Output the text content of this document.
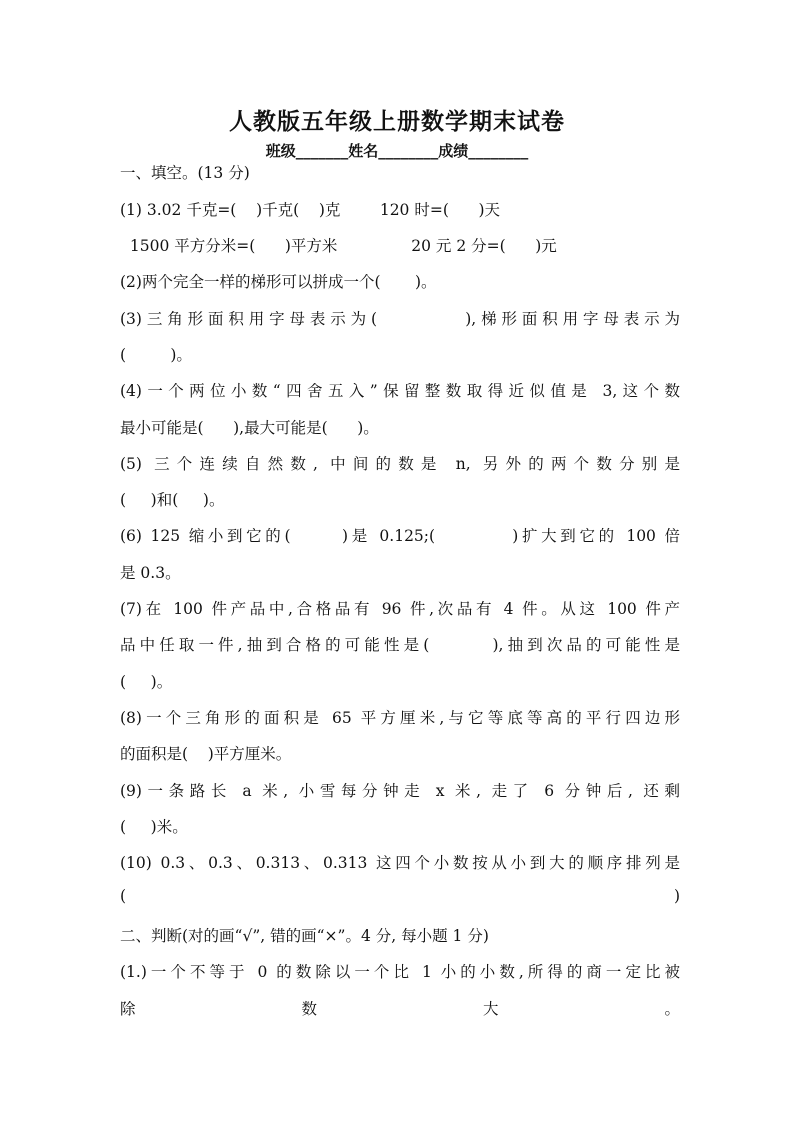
人教版五年级上册数学期末试卷
班级_______姓名________成绩________
一、填空。(13 分)
(1) 3.02 千克=(    )千克(    )克        120 时=(      )天
1500 平方分米=(      )平方米               20 元 2 分=(      )元
(2)两个完全一样的梯形可以拼成一个(       )。
(3)三角形面积用字母表示为(         ),梯形面积用字母表示为
(         )。
(4)一个两位小数“四舍五入”保留整数取得近似值是 3,这个数
最小可能是(      ),最大可能是(      )。
(5) 三个连续自然数, 中间的数是 n, 另外的两个数分别是
(     )和(     )。
(6) 125 缩小到它的(      )是 0.125;(         )扩大到它的 100 倍
是 0.3。
(7)在 100 件产品中,合格品有 96 件,次品有 4 件。从这 100 件产
品中任取一件,抽到合格的可能性是(       ),抽到次品的可能性是
(     )。
(8)一个三角形的面积是 65 平方厘米,与它等底等高的平行四边形
的面积是(    )平方厘米。
(9)一条路长 a 米, 小雪每分钟走 x 米, 走了 6 分钟后, 还剩
(     )米。
(10) 0.3、0.3、0.313、0.313 这四个小数按从小到大的顺序排列是
(                                                                                            )
二、判断(对的画“√”, 错的画“×”。4 分, 每小题 1 分)
(1.)一个不等于 0 的数除以一个比 1 小的小数,所得的商一定比被
除                    数                    大                    。
